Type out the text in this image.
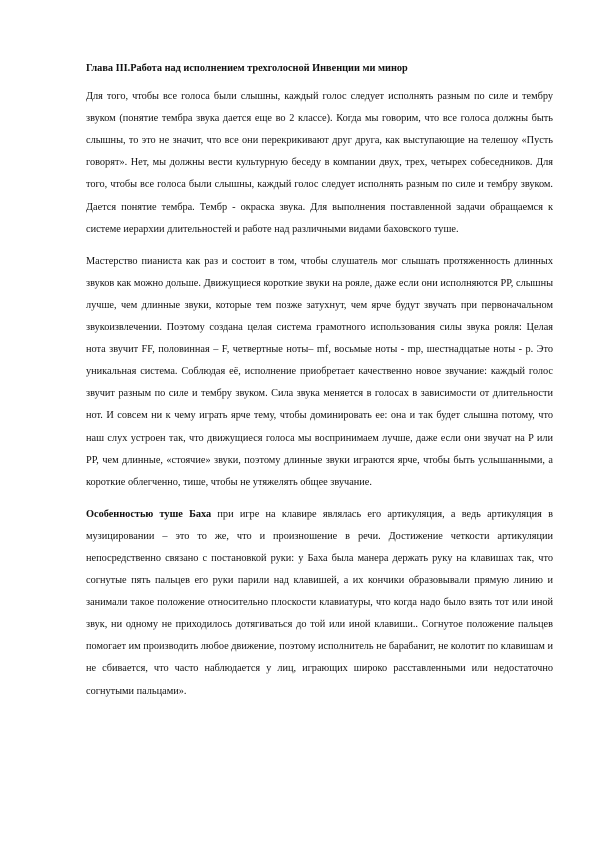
Глава III.Работа над исполнением трехголосной Инвенции ми минор

Для того, чтобы все голоса были слышны, каждый голос следует исполнять разным по силе и тембру звуком (понятие тембра звука дается еще во 2 классе). Когда мы говорим, что все голоса должны быть слышны, то это не значит, что все они перекрикивают друг друга, как выступающие на телешоу «Пусть говорят». Нет, мы должны вести культурную беседу в компании двух, трех, четырех собеседников. Для того, чтобы все голоса были слышны, каждый голос следует исполнять разным по силе и тембру звуком. Дается понятие тембра. Тембр - окраска звука. Для выполнения поставленной задачи обращаемся к системе иерархии длительностей и работе над различными видами баховского туше.

Мастерство пианиста как раз и состоит в том, чтобы слушатель мог слышать протяженность длинных звуков как можно дольше. Движущиеся короткие звуки на рояле, даже если они исполняются PP, слышны лучше, чем длинные звуки, которые тем позже затухнут, чем ярче будут звучать при первоначальном звукоизвлечении. Поэтому создана целая система грамотного использования силы звука рояля: Целая нота звучит FF, половинная – F, четвертные ноты– mf, восьмые ноты - mp, шестнадцатые ноты - p. Это уникальная система. Соблюдая её, исполнение приобретает качественно новое звучание: каждый голос звучит разным по силе и тембру звуком. Сила звука меняется в голосах в зависимости от длительности нот. И совсем ни к чему играть ярче тему, чтобы доминировать ее: она и так будет слышна потому, что наш слух устроен так, что движущиеся голоса мы воспринимаем лучше, даже если они звучат на P или PP, чем длинные, «стоячие» звуки, поэтому длинные звуки играются ярче, чтобы быть услышанными, а короткие облегченно, тише, чтобы не утяжелять общее звучание.

Особенностью туше Баха при игре на клавире являлась его артикуляция, а ведь артикуляция в музицировании – это то же, что и произношение в речи. Достижение четкости артикуляции непосредственно связано с постановкой руки: у Баха была манера держать руку на клавишах так, что согнутые пять пальцев его руки парили над клавишей, а их кончики образовывали прямую линию и занимали такое положение относительно плоскости клавиатуры, что когда надо было взять тот или иной звук, ни одному не приходилось дотягиваться до той или иной клавиши.. Согнутое положение пальцев помогает им производить любое движение, поэтому исполнитель не барабанит, не колотит по клавишам и не сбивается, что часто наблюдается у лиц, играющих широко расставленными или недостаточно согнутыми пальцами».
